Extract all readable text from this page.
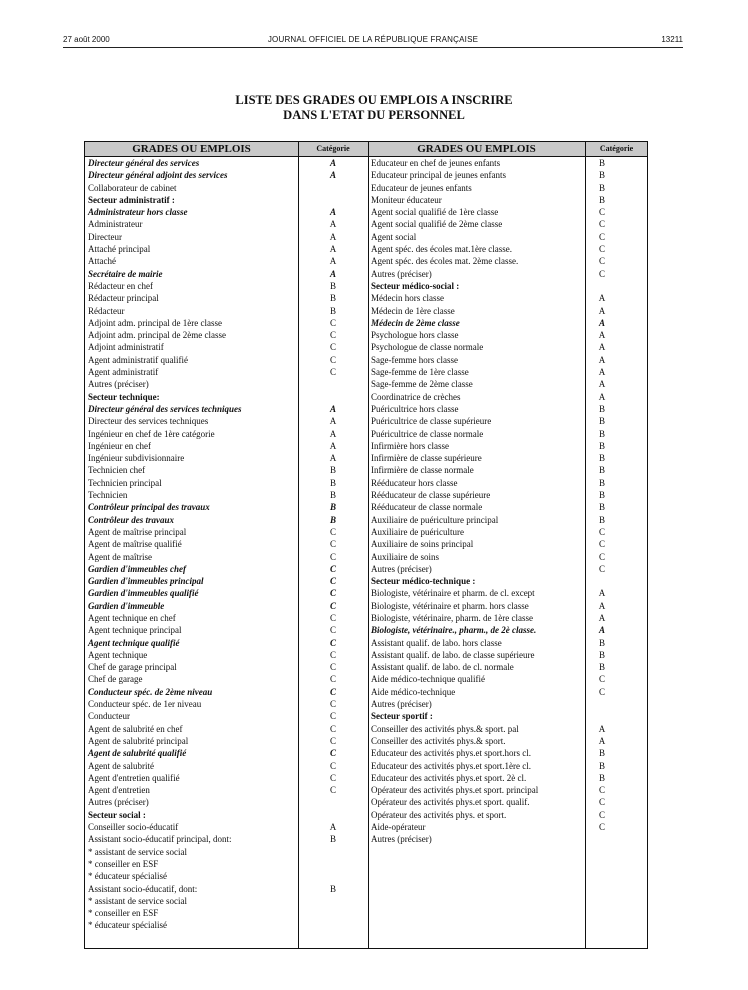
27 août 2000	JOURNAL OFFICIEL DE LA RÉPUBLIQUE FRANÇAISE	13211
LISTE DES GRADES OU EMPLOIS A INSCRIRE
DANS L'ETAT DU PERSONNEL
GRADES OU EMPLOIS	Catégorie	GRADES OU EMPLOIS	Catégorie
Directeur général des services	A
Directeur général adjoint des services	A
Collaborateur de cabinet
Secteur administratif :
Administrateur hors classe	A
Administrateur	A
Directeur	A
Attaché principal	A
Attaché	A
Secrétaire de mairie	A
Rédacteur en chef	B
Rédacteur principal	B
Rédacteur	B
Adjoint adm. principal de 1ère classe	C
Adjoint adm. principal de 2ème classe	C
Adjoint administratif	C
Agent administratif qualifié	C
Agent administratif	C
Autres (préciser)
Secteur technique:
Directeur général des services techniques	A
Directeur des services techniques	A
Ingénieur en chef de 1ère catégorie	A
Ingénieur en chef	A
Ingénieur subdivisionnaire	A
Technicien chef	B
Technicien principal	B
Technicien	B
Contrôleur principal des travaux	B
Contrôleur des travaux	B
Agent de maîtrise principal	C
Agent de maîtrise qualifié	C
Agent de maîtrise	C
Gardien d'immeubles chef	C
Gardien d'immeubles principal	C
Gardien d'immeubles qualifié	C
Gardien d'immeuble	C
Agent technique en chef	C
Agent technique principal	C
Agent technique qualifié	C
Agent technique	C
Chef de garage principal	C
Chef de garage	C
Conducteur spéc. de 2ème niveau	C
Conducteur spéc. de 1er niveau	C
Conducteur	C
Agent de salubrité en chef	C
Agent de salubrité principal	C
Agent de salubrité qualifié	C
Agent de salubrité	C
Agent d'entretien qualifié	C
Agent d'entretien	C
Autres (préciser)
Secteur social :
Conseiller socio-éducatif	A
Assistant socio-éducatif principal, dont:	B
* assistant de service social
* conseiller en ESF
* éducateur spécialisé
Assistant socio-éducatif, dont:	B
* assistant de service social
* conseiller en ESF
* éducateur spécialisé
Educateur en chef de jeunes enfants	B
Educateur principal de jeunes enfants	B
Educateur de jeunes enfants	B
Moniteur éducateur	B
Agent social qualifié de 1ère classe	C
Agent social qualifié de 2ème classe	C
Agent social	C
Agent spéc. des écoles mat.1ère classe.	C
Agent spéc. des écoles mat. 2ème classe.	C
Autres (préciser)	C
Secteur médico-social :
Médecin hors classe	A
Médecin de 1ère classe	A
Médecin de 2ème classe	A
Psychologue hors classe	A
Psychologue de classe normale	A
Sage-femme hors classe	A
Sage-femme de 1ère classe	A
Sage-femme de 2ème classe	A
Coordinatrice de crèches	A
Puéricultrice hors classe	B
Puéricultrice de classe supérieure	B
Puéricultrice de classe normale	B
Infirmière hors classe	B
Infirmière de classe supérieure	B
Infirmière de classe normale	B
Rééducateur hors classe	B
Rééducateur de classe supérieure	B
Rééducateur de classe normale	B
Auxiliaire de puériculture principal	B
Auxiliaire de puériculture	C
Auxiliaire de soins principal	C
Auxiliaire de soins	C
Autres (préciser)	C
Secteur médico-technique :
Biologiste, vétérinaire et pharm. de cl. except	A
Biologiste, vétérinaire et pharm. hors classe	A
Biologiste, vétérinaire, pharm. de 1ère classe	A
Biologiste, vétérinaire., pharm., de 2è classe.	A
Assistant qualif. de labo. hors classe	B
Assistant qualif. de labo. de classe supérieure	B
Assistant qualif. de labo. de cl. normale	B
Aide médico-technique qualifié	C
Aide médico-technique	C
Autres (préciser)
Secteur sportif :
Conseiller des activités phys.& sport. pal	A
Conseiller des activités phys.& sport.	A
Educateur des activités phys.et sport.hors cl.	B
Educateur des activités phys.et sport.1ère cl.	B
Educateur des activités phys.et sport. 2è cl.	B
Opérateur des activités phys.et sport. principal	C
Opérateur des activités phys.et sport. qualif.	C
Opérateur des activités phys. et sport.	C
Aide-opérateur	C
Autres (préciser)
